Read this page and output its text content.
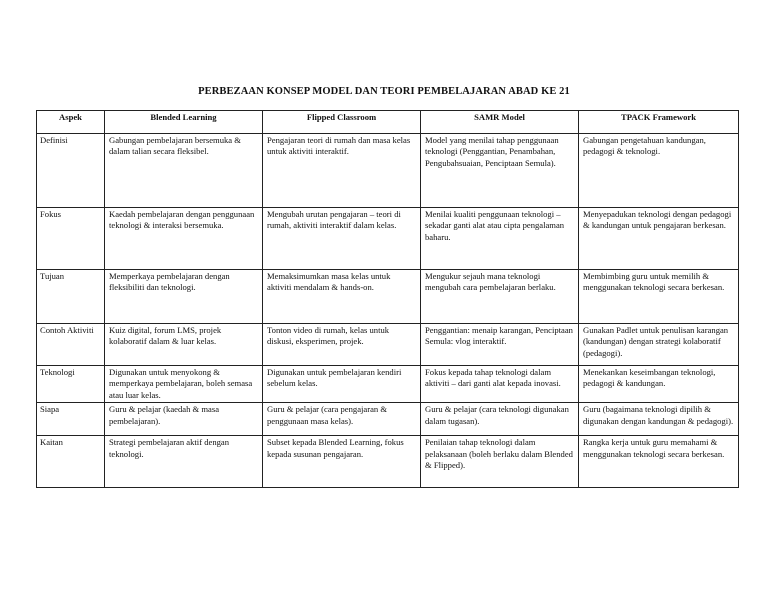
PERBEZAAN KONSEP MODEL DAN TEORI PEMBELAJARAN ABAD KE 21
Aspek	Blended Learning	Flipped Classroom	SAMR Model	TPACK Framework
Definisi	Gabungan pembelajaran bersemuka & dalam talian secara fleksibel.	Pengajaran teori di rumah dan masa kelas untuk aktiviti interaktif.	Model yang menilai tahap penggunaan teknologi (Penggantian, Penambahan, Pengubahsuaian, Penciptaan Semula).	Gabungan pengetahuan kandungan, pedagogi & teknologi.
Fokus	Kaedah pembelajaran dengan penggunaan teknologi & interaksi bersemuka.	Mengubah urutan pengajaran – teori di rumah, aktiviti interaktif dalam kelas.	Menilai kualiti penggunaan teknologi – sekadar ganti alat atau cipta pengalaman baharu.	Menyepadukan teknologi dengan pedagogi & kandungan untuk pengajaran berkesan.
Tujuan	Memperkaya pembelajaran dengan fleksibiliti dan teknologi.	Memaksimumkan masa kelas untuk aktiviti mendalam & hands-on.	Mengukur sejauh mana teknologi mengubah cara pembelajaran berlaku.	Membimbing guru untuk memilih & menggunakan teknologi secara berkesan.
Contoh Aktiviti	Kuiz digital, forum LMS, projek kolaboratif dalam & luar kelas.	Tonton video di rumah, kelas untuk diskusi, eksperimen, projek.	Penggantian: menaip karangan, Penciptaan Semula: vlog interaktif.	Gunakan Padlet untuk penulisan karangan (kandungan) dengan strategi kolaboratif (pedagogi).
Teknologi	Digunakan untuk menyokong & memperkaya pembelajaran, boleh semasa atau luar kelas.	Digunakan untuk pembelajaran kendiri sebelum kelas.	Fokus kepada tahap teknologi dalam aktiviti – dari ganti alat kepada inovasi.	Menekankan keseimbangan teknologi, pedagogi & kandungan.
Siapa	Guru & pelajar (kaedah & masa pembelajaran).	Guru & pelajar (cara pengajaran & penggunaan masa kelas).	Guru & pelajar (cara teknologi digunakan dalam tugasan).	Guru (bagaimana teknologi dipilih & digunakan dengan kandungan & pedagogi).
Kaitan	Strategi pembelajaran aktif dengan teknologi.	Subset kepada Blended Learning, fokus kepada susunan pengajaran.	Penilaian tahap teknologi dalam pelaksanaan (boleh berlaku dalam Blended & Flipped).	Rangka kerja untuk guru memahami & menggunakan teknologi secara berkesan.
